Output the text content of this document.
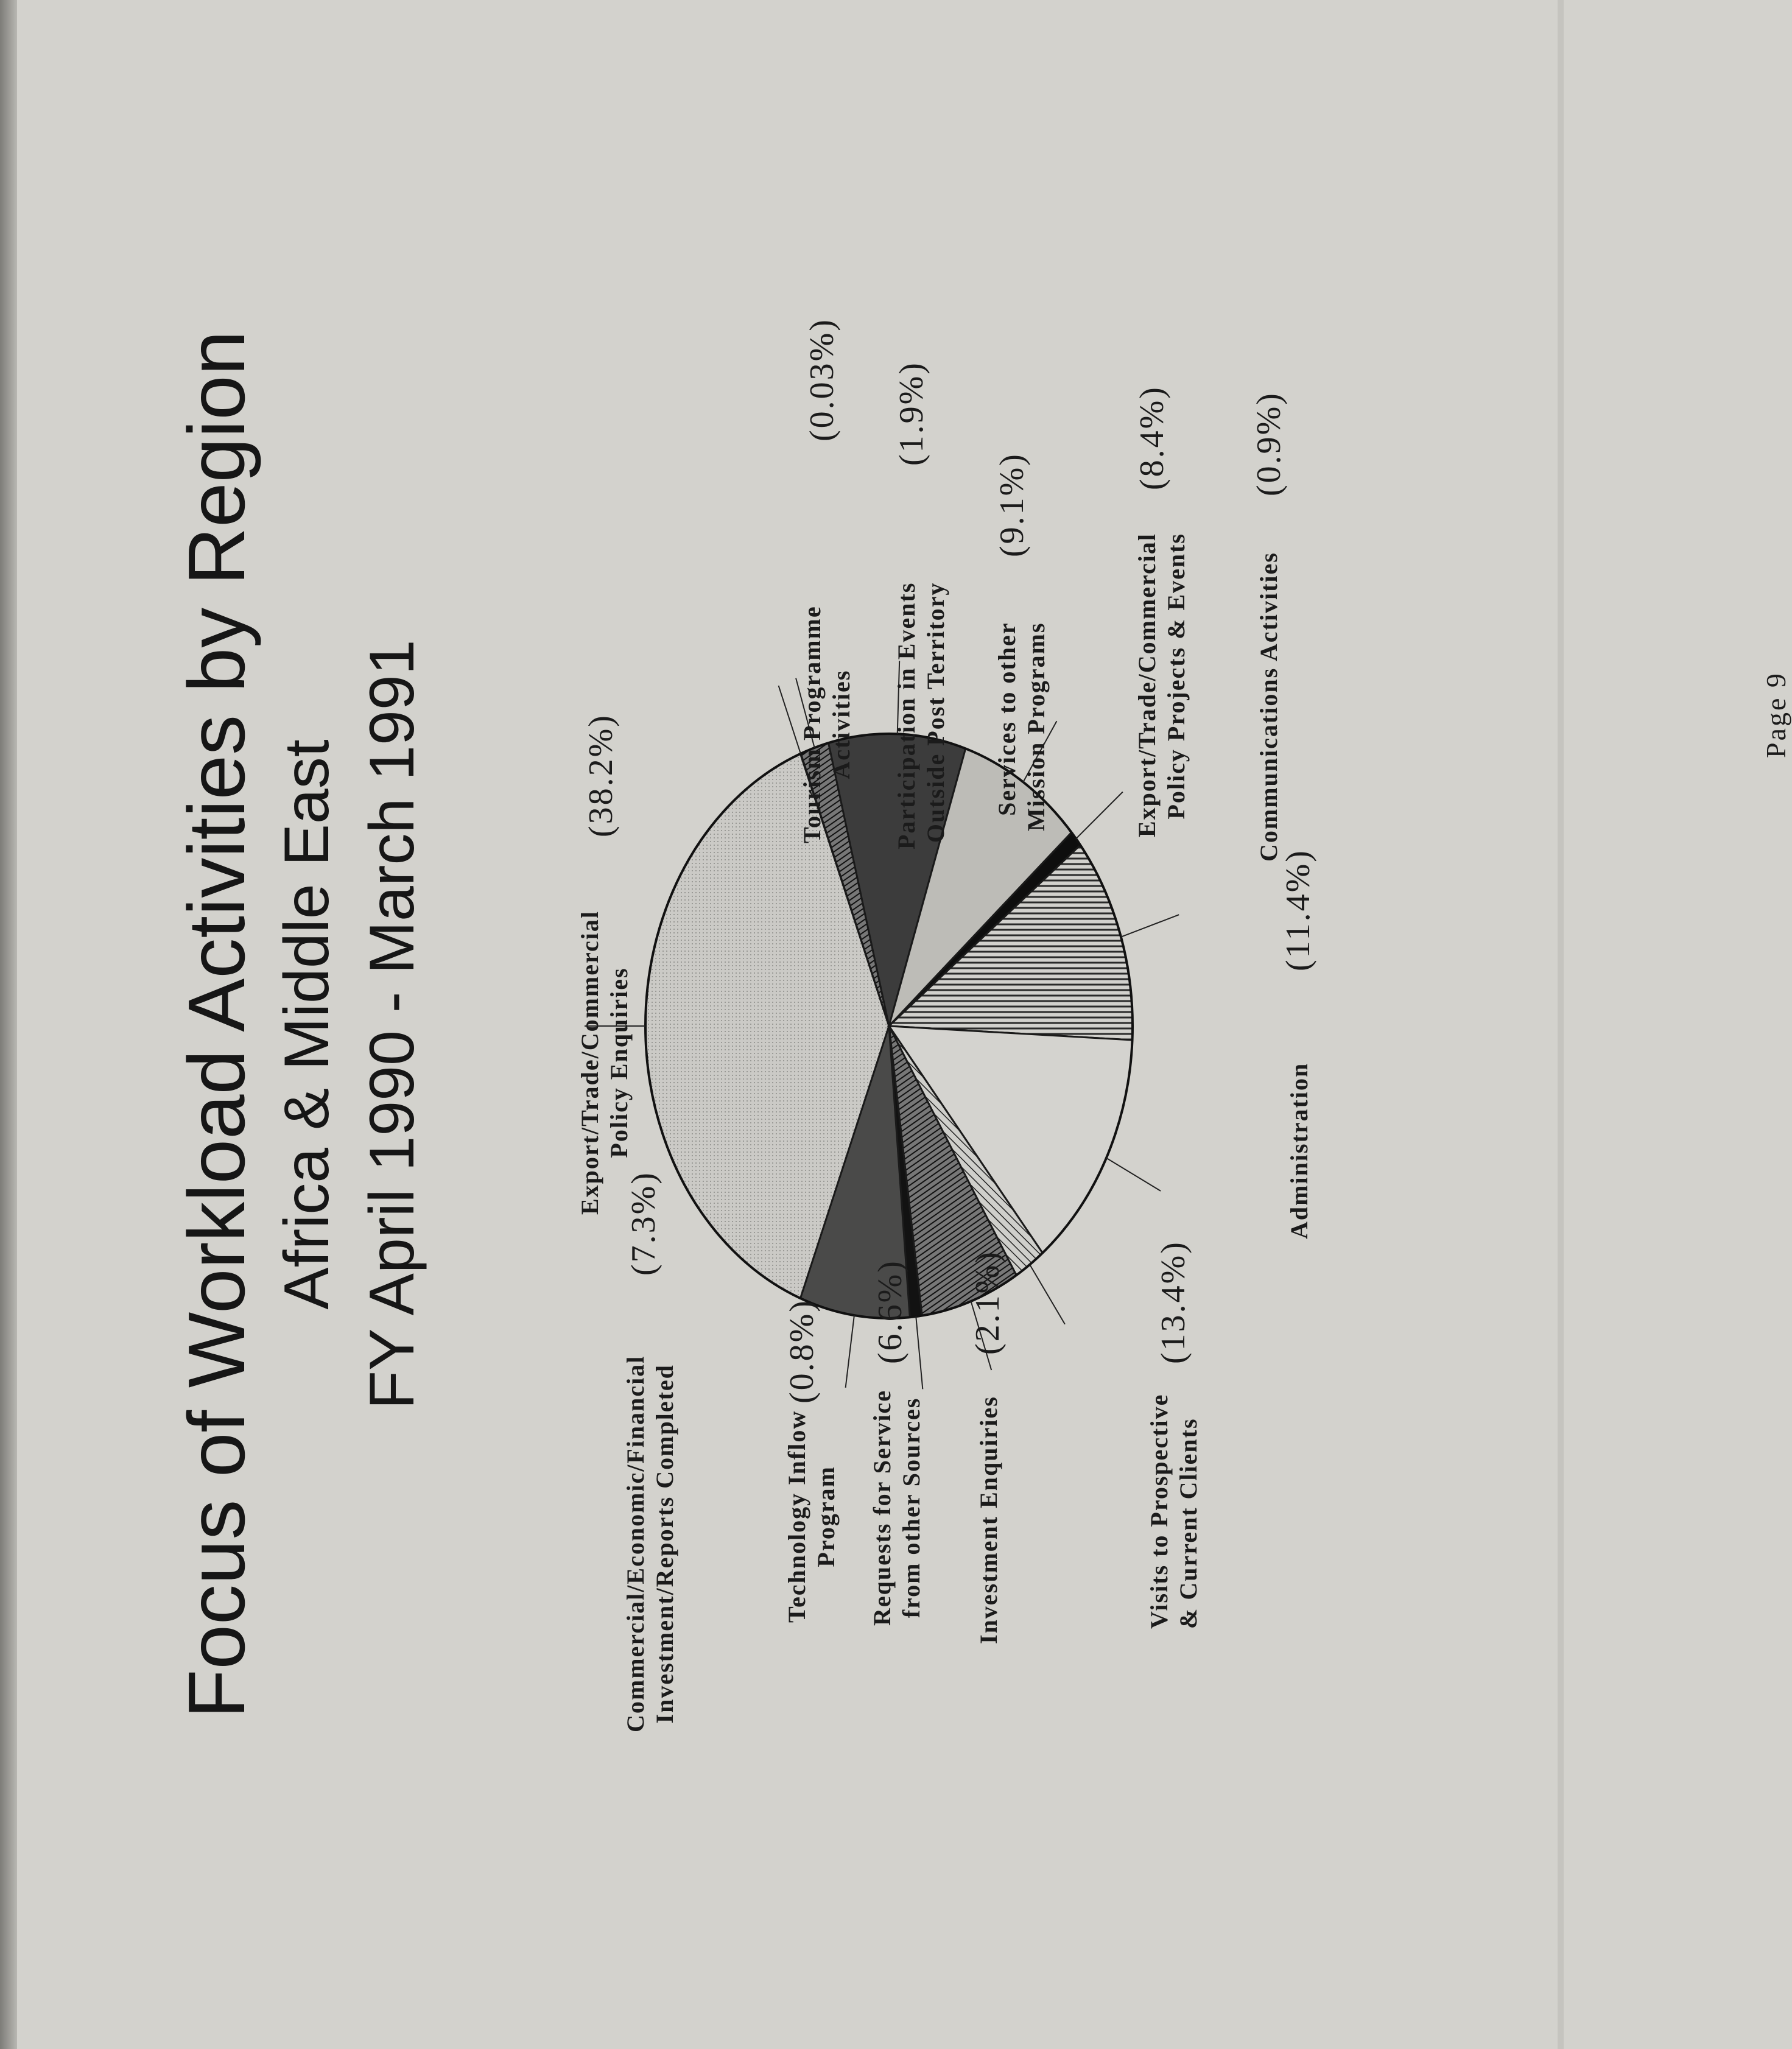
Focus of Workload Activities by Region Africa & Middle East FY April 1990 - March 1991	Export/Trade/Commercial Policy Enquiries
(38.2%)	Tourism Programme Activities
(0.03%)
Participation in Events Outside Post Territory
(1.9%)
Services to other Mission Programs
(9.1%)
Export/Trade/Commercial Policy Projects & Events
(8.4%)
Communications Activities
(0.9%)
Administration
(11.4%)
Visits to Prospective & Current Clients
(13.4%)
Investment Enquiries
(2.1%)
Requests for Service from other Sources
(6.6%)
Technology Inflow Program
(0.8%)
Commercial/Economic/Financial Investment/Reports Completed
(7.3%)
Page 9
